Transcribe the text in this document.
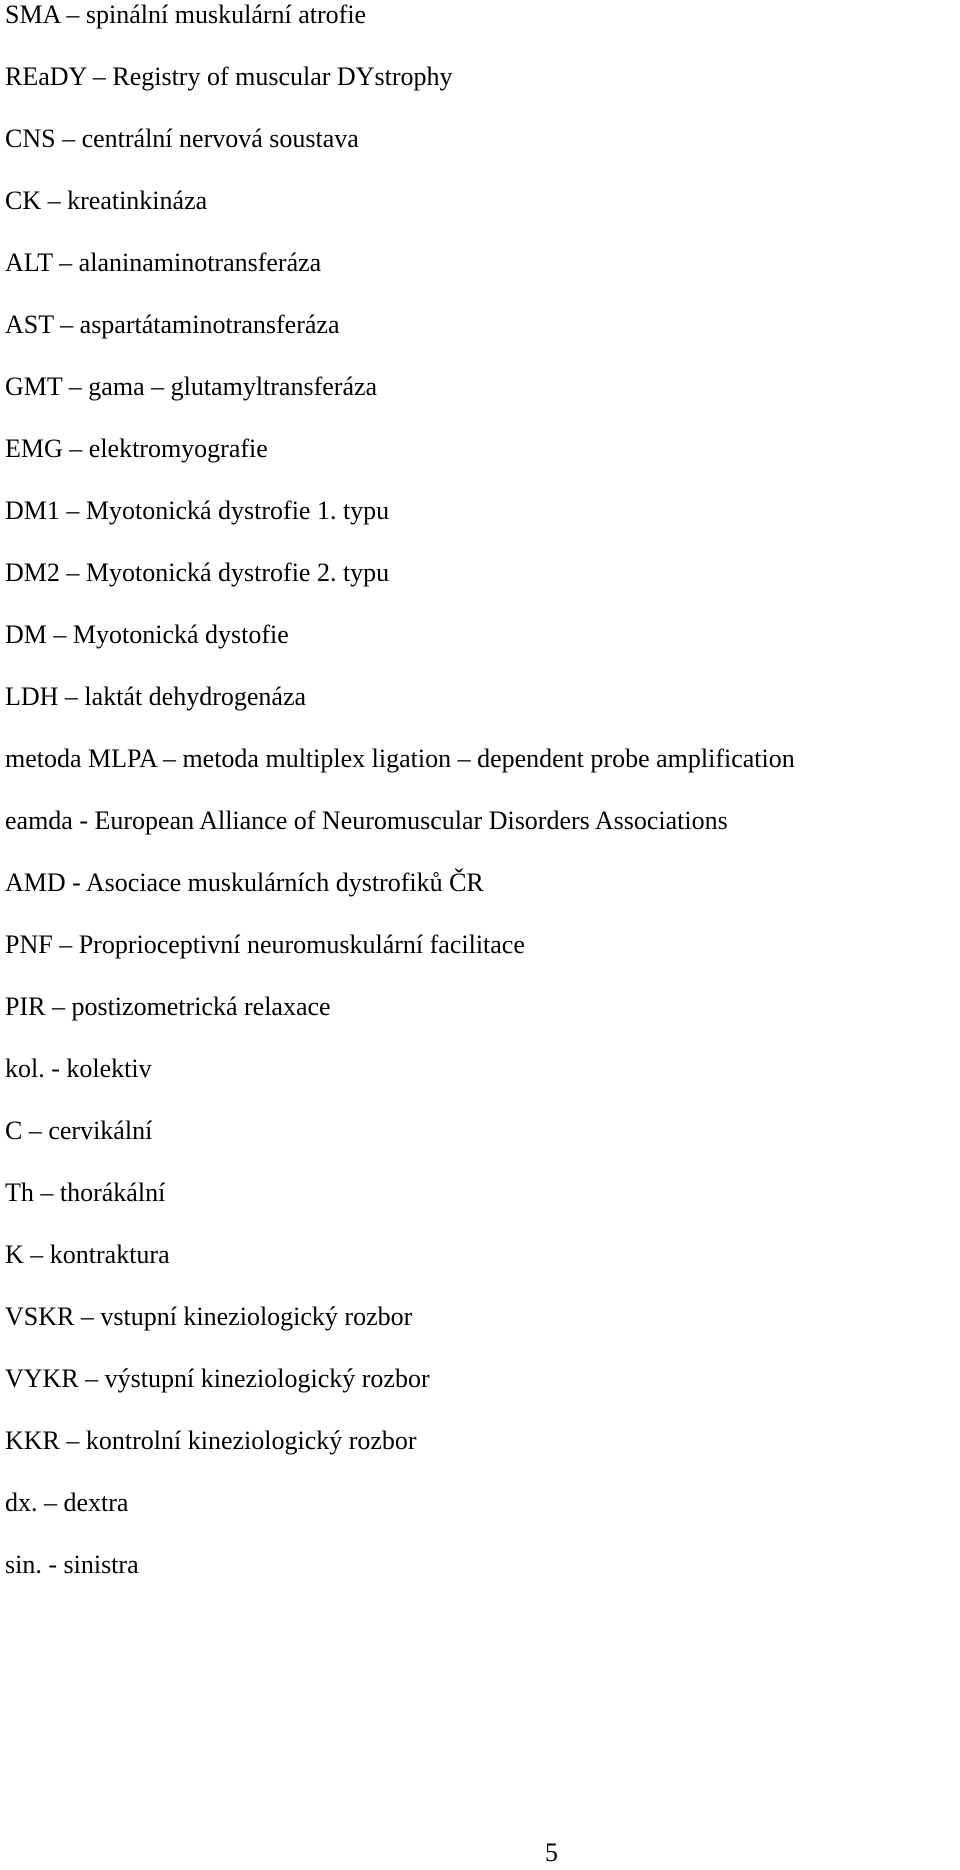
SMA – spinální muskulární atrofie
REaDY – Registry of muscular DYstrophy
CNS – centrální nervová soustava
CK – kreatinkináza
ALT – alaninaminotransferáza
AST – aspartátaminotransferáza
GMT – gama – glutamyltransferáza
EMG – elektromyografie
DM1 – Myotonická dystrofie 1. typu
DM2 – Myotonická dystrofie 2. typu
DM – Myotonická dystofie
LDH – laktát dehydrogenáza
metoda MLPA – metoda multiplex ligation – dependent probe amplification
eamda - European Alliance of Neuromuscular Disorders Associations
AMD - Asociace muskulárních dystrofiků ČR
PNF – Proprioceptivní neuromuskulární facilitace
PIR – postizometrická relaxace
kol. - kolektiv
C – cervikální
Th – thorákální
K – kontraktura
VSKR – vstupní kineziologický rozbor
VYKR – výstupní kineziologický rozbor
KKR – kontrolní kineziologický rozbor
dx. – dextra
sin. - sinistra
5
